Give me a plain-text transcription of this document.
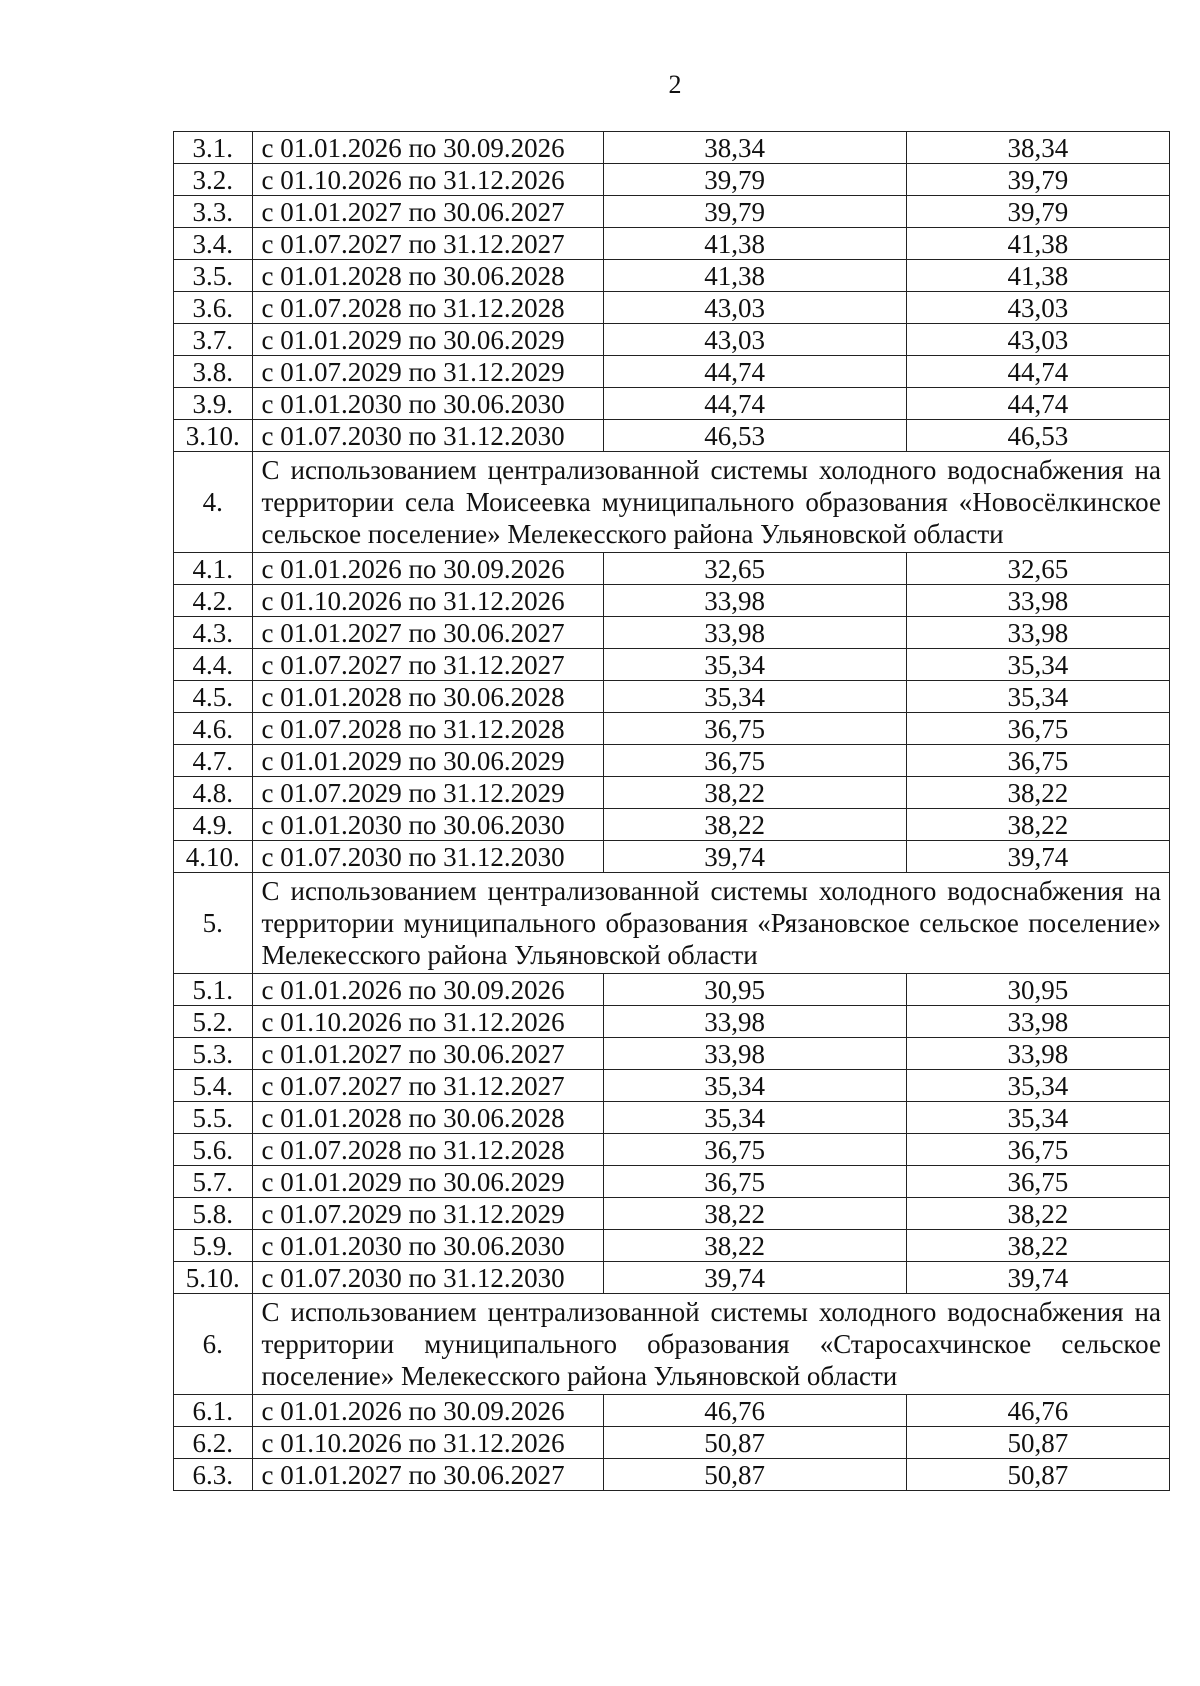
2
3.1.	с 01.01.2026 по 30.09.2026	38,34	38,34
3.2.	с 01.10.2026 по 31.12.2026	39,79	39,79
3.3.	с 01.01.2027 по 30.06.2027	39,79	39,79
3.4.	с 01.07.2027 по 31.12.2027	41,38	41,38
3.5.	с 01.01.2028 по 30.06.2028	41,38	41,38
3.6.	с 01.07.2028 по 31.12.2028	43,03	43,03
3.7.	с 01.01.2029 по 30.06.2029	43,03	43,03
3.8.	с 01.07.2029 по 31.12.2029	44,74	44,74
3.9.	с 01.01.2030 по 30.06.2030	44,74	44,74
3.10.	с 01.07.2030 по 31.12.2030	46,53	46,53
4.	С использованием централизованной системы холодного водоснабжения на территории села Моисеевка муниципального образования «Новосёлкинское сельское поселение» Мелекесского района Ульяновской области		
4.1.	с 01.01.2026 по 30.09.2026	32,65	32,65
4.2.	с 01.10.2026 по 31.12.2026	33,98	33,98
4.3.	с 01.01.2027 по 30.06.2027	33,98	33,98
4.4.	с 01.07.2027 по 31.12.2027	35,34	35,34
4.5.	с 01.01.2028 по 30.06.2028	35,34	35,34
4.6.	с 01.07.2028 по 31.12.2028	36,75	36,75
4.7.	с 01.01.2029 по 30.06.2029	36,75	36,75
4.8.	с 01.07.2029 по 31.12.2029	38,22	38,22
4.9.	с 01.01.2030 по 30.06.2030	38,22	38,22
4.10.	с 01.07.2030 по 31.12.2030	39,74	39,74
5.	С использованием централизованной системы холодного водоснабжения на территории муниципального образования «Рязановское сельское поселение» Мелекесского района Ульяновской области		
5.1.	с 01.01.2026 по 30.09.2026	30,95	30,95
5.2.	с 01.10.2026 по 31.12.2026	33,98	33,98
5.3.	с 01.01.2027 по 30.06.2027	33,98	33,98
5.4.	с 01.07.2027 по 31.12.2027	35,34	35,34
5.5.	с 01.01.2028 по 30.06.2028	35,34	35,34
5.6.	с 01.07.2028 по 31.12.2028	36,75	36,75
5.7.	с 01.01.2029 по 30.06.2029	36,75	36,75
5.8.	с 01.07.2029 по 31.12.2029	38,22	38,22
5.9.	с 01.01.2030 по 30.06.2030	38,22	38,22
5.10.	с 01.07.2030 по 31.12.2030	39,74	39,74
6.	С использованием централизованной системы холодного водоснабжения на территории муниципального образования «Старосахчинское сельское поселение» Мелекесского района Ульяновской области		
6.1.	с 01.01.2026 по 30.09.2026	46,76	46,76
6.2.	с 01.10.2026 по 31.12.2026	50,87	50,87
6.3.	с 01.01.2027 по 30.06.2027	50,87	50,87
